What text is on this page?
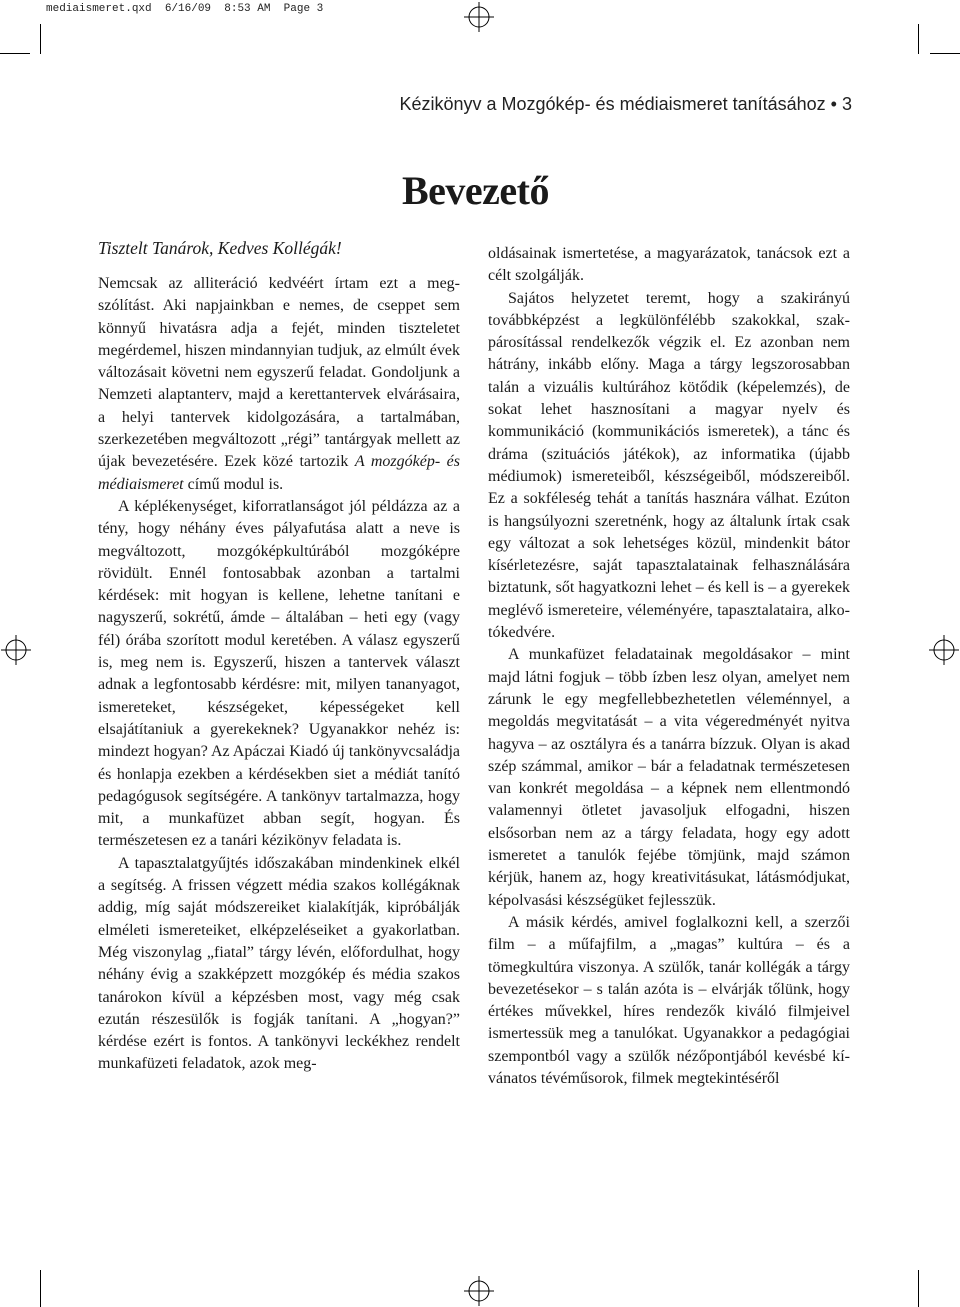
mediaismeret.qxd 6/16/09 8:53 AM Page 3
Kézikönyv a Mozgókép- és médiaismeret tanításához • 3
Bevezető
Tisztelt Tanárok, Kedves Kollégák!

Nemcsak az alliteráció kedvéért írtam ezt a megszólítást. Aki napjainkban e nemes, de cseppet sem könnyű hivatásra adja a fejét, minden tiszteletet megérdemel, hiszen mindannyian tudjuk, az elmúlt évek változásait követni nem egyszerű feladat. Gondoljunk a Nemzeti alaptanterv, majd a kerettantervek elvárásaira, a helyi tantervek kidolgozására, a tartalmában, szerkezetében megváltozott „régi” tantárgyak mellett az újak bevezetésére. Ezek közé tartozik A mozgókép- és médiaismeret című modul is.

A képlékenységet, kiforratlanságot jól példázza az a tény, hogy néhány éves pályafutása alatt a neve is megváltozott, mozgóképkultúrából mozgóképre rövidült. Ennél fontosabbak azonban a tartalmi kérdések: mit hogyan is kellene, lehetne tanítani e nagyszerű, sokrétű, ámde – általában – heti egy (vagy fél) órába szorított modul keretében. A válasz egyszerű is, meg nem is. Egyszerű, hiszen a tantervek választ adnak a legfontosabb kérdésre: mit, milyen tananyagot, ismereteket, készségeket, képességeket kell elsajátítaniuk a gyerekeknek? Ugyanakkor nehéz is: mindezt hogyan? Az Apáczai Kiadó új tankönyvcsaládja és honlapja ezekben a kérdésekben siet a médiát tanító pedagógusok segítségére. A tankönyv tartalmazza, hogy mit, a munkafüzet abban segít, hogyan. És természetesen ez a tanári kézikönyv feladata is.

A tapasztalatgyűjtés időszakában mindenkinek elkél a segítség. A frissen végzett média szakos kollégáknak addig, míg saját módszereiket kialakítják, kipróbálják elméleti ismereteiket, elképzeléseiket a gyakorlatban. Még viszonylag „fiatal” tárgy lévén, előfordulhat, hogy néhány évig a szakképzett mozgókép és média szakos tanárokon kívül a képzésben most, vagy még csak ezután részesülők is fogják tanítani. A „hogyan?” kérdése ezért is fontos. A tankönyvi leckékhez rendelt munkafüzeti feladatok, azok meg-

oldásainak ismertetése, a magyarázatok, tanácsok ezt a célt szolgálják.

Sajátos helyzetet teremt, hogy a szakirányú továbbképzést a legkülönfélébb szakokkal, szakpárosítással rendelkezők végzik el. Ez azonban nem hátrány, inkább előny. Maga a tárgy legszorosabban talán a vizuális kultúrához kötődik (képelemzés), de sokat lehet hasznosítani a magyar nyelv és kommunikáció (kommunikációs ismeretek), a tánc és dráma (szituációs játékok), az informatika (újabb médiumok) ismereteiből, készségeiből, módszereiből. Ez a sokféleség tehát a tanítás hasznára válhat. Ezúton is hangsúlyozni szeretnénk, hogy az általunk írtak csak egy változat a sok lehetséges közül, mindenkit bátor kísérletezésre, saját tapasztalatainak felhasználására biztatunk, sőt hagyatkozni lehet – és kell is – a gyerekek meglévő ismereteire, véleményére, tapasztalataira, alkotókedvére.

A munkafüzet feladatainak megoldásakor – mint majd látni fogjuk – több ízben lesz olyan, amelyet nem zárunk le egy megfellebbezhetetlen véleménnyel, a megoldás megvitatását – a vita végeredményét nyitva hagyva – az osztályra és a tanárra bízzuk. Olyan is akad szép számmal, amikor – bár a feladatnak természetesen van konkrét megoldása – a képnek nem ellentmondó valamennyi ötletet javasoljuk elfogadni, hiszen elsősorban nem az a tárgy feladata, hogy egy adott ismeretet a tanulók fejébe tömjünk, majd számon kérjük, hanem az, hogy kreativitásukat, látásmódjukat, képolvasási készségüket fejlesszük.

A másik kérdés, amivel foglalkozni kell, a szerzői film – a műfajfilm, a „magas” kultúra – és a tömegkultúra viszonya. A szülők, tanár kollégák a tárgy bevezetésekor – s talán azóta is – elvárják tőlünk, hogy értékes művekkel, híres rendezők kiváló filmjeivel ismertessük meg a tanulókat. Ugyanakkor a pedagógiai szempontból vagy a szülők nézőpontjából kevésbé kívánatos tévéműsorok, filmek megtekintéséről
